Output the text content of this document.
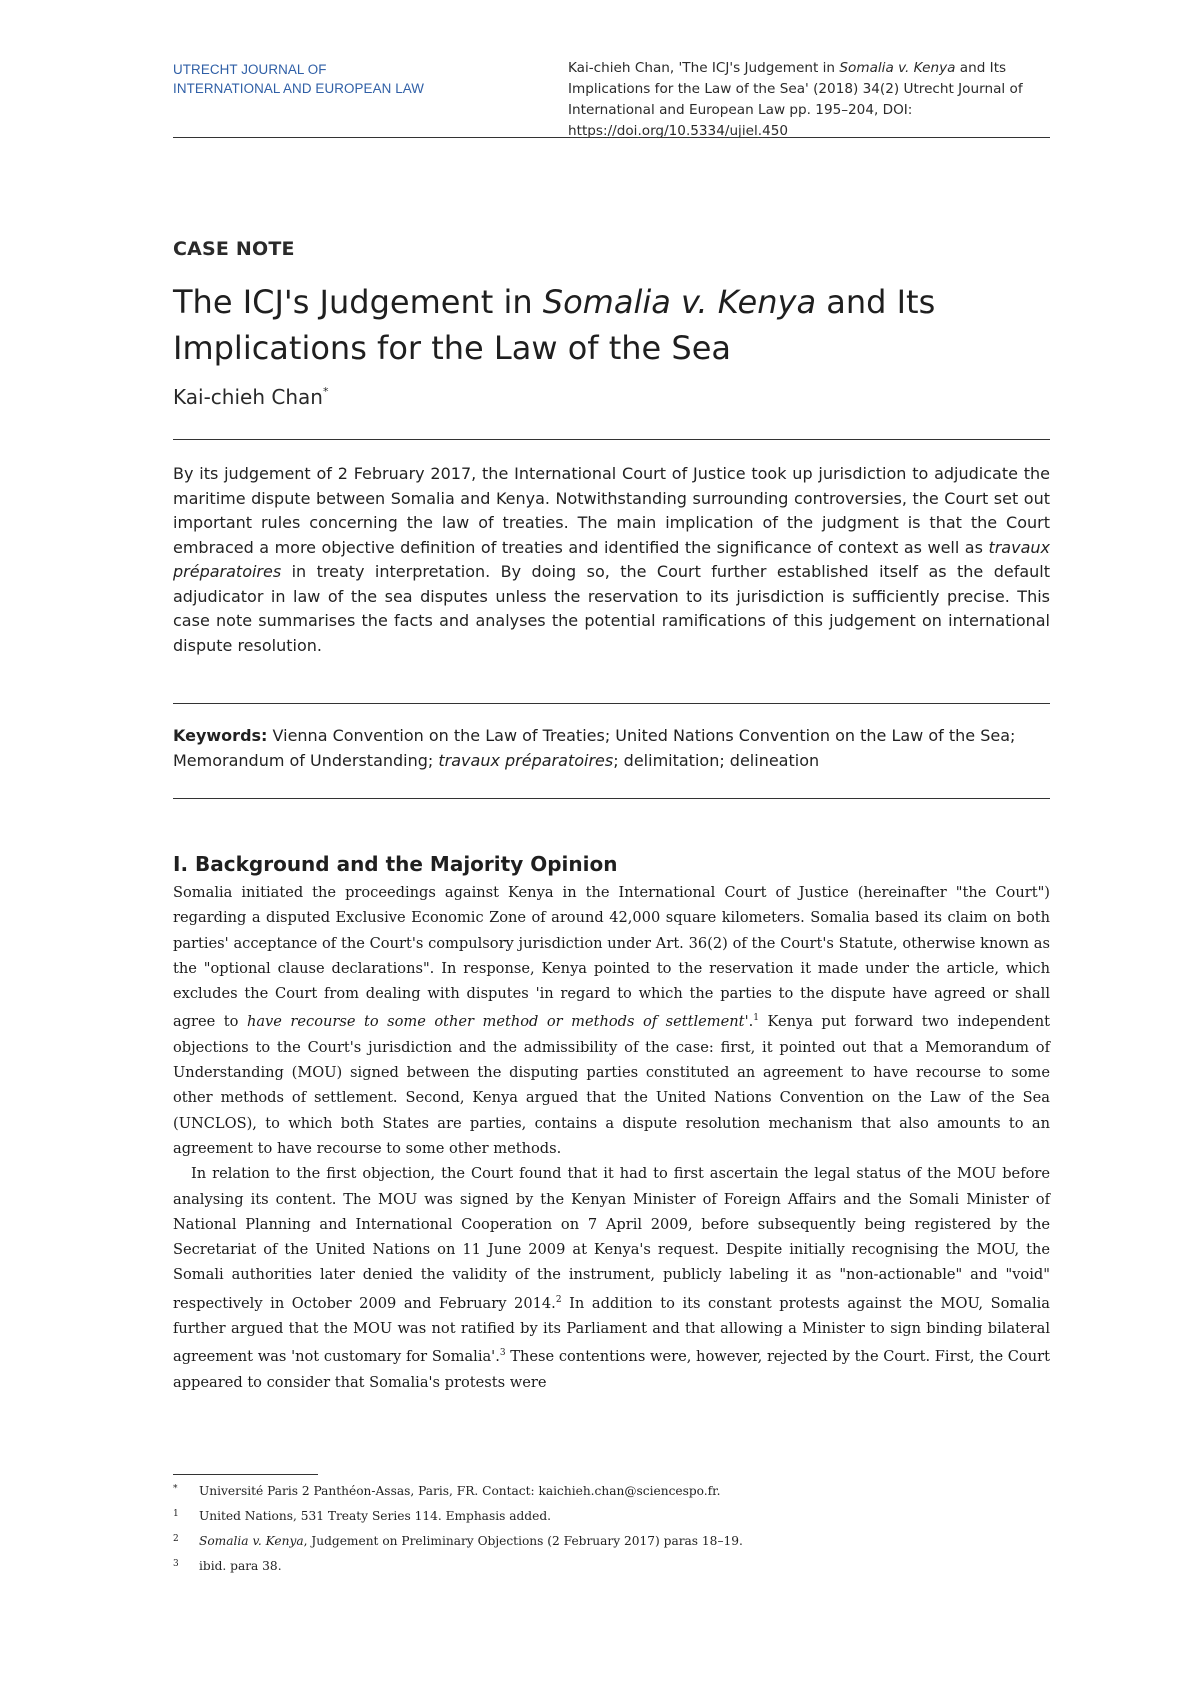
UTRECHT JOURNAL OF
INTERNATIONAL AND EUROPEAN LAW
Kai-chieh Chan, 'The ICJ's Judgement in Somalia v. Kenya and Its Implications for the Law of the Sea' (2018) 34(2) Utrecht Journal of International and European Law pp. 195–204, DOI: https://doi.org/10.5334/ujiel.450
CASE NOTE
The ICJ's Judgement in Somalia v. Kenya and Its Implications for the Law of the Sea
Kai-chieh Chan*
By its judgement of 2 February 2017, the International Court of Justice took up jurisdiction to adjudicate the maritime dispute between Somalia and Kenya. Notwithstanding surrounding controversies, the Court set out important rules concerning the law of treaties. The main implication of the judgment is that the Court embraced a more objective definition of treaties and identified the significance of context as well as travaux préparatoires in treaty interpretation. By doing so, the Court further established itself as the default adjudicator in law of the sea disputes unless the reservation to its jurisdiction is sufficiently precise. This case note summarises the facts and analyses the potential ramifications of this judgement on international dispute resolution.
Keywords: Vienna Convention on the Law of Treaties; United Nations Convention on the Law of the Sea; Memorandum of Understanding; travaux préparatoires; delimitation; delineation
I. Background and the Majority Opinion

Somalia initiated the proceedings against Kenya in the International Court of Justice (hereinafter "the Court") regarding a disputed Exclusive Economic Zone of around 42,000 square kilometers. Somalia based its claim on both parties' acceptance of the Court's compulsory jurisdiction under Art. 36(2) of the Court's Statute, otherwise known as the "optional clause declarations". In response, Kenya pointed to the reservation it made under the article, which excludes the Court from dealing with disputes 'in regard to which the parties to the dispute have agreed or shall agree to have recourse to some other method or methods of settlement'.$^1$ Kenya put forward two independent objections to the Court's jurisdiction and the admissibility of the case: first, it pointed out that a Memorandum of Understanding (MOU) signed between the disputing parties constituted an agreement to have recourse to some other methods of settlement. Second, Kenya argued that the United Nations Convention on the Law of the Sea (UNCLOS), to which both States are parties, contains a dispute resolution mechanism that also amounts to an agreement to have recourse to some other methods.

In relation to the first objection, the Court found that it had to first ascertain the legal status of the MOU before analysing its content. The MOU was signed by the Kenyan Minister of Foreign Affairs and the Somali Minister of National Planning and International Cooperation on 7 April 2009, before subsequently being registered by the Secretariat of the United Nations on 11 June 2009 at Kenya's request. Despite initially recognising the MOU, the Somali authorities later denied the validity of the instrument, publicly labeling it as "non-actionable" and "void" respectively in October 2009 and February 2014.$^2$ In addition to its constant protests against the MOU, Somalia further argued that the MOU was not ratified by its Parliament and that allowing a Minister to sign binding bilateral agreement was 'not customary for Somalia'.$^3$ These contentions were, however, rejected by the Court. First, the Court appeared to consider that Somalia's protests were

*	Université Paris 2 Panthéon-Assas, Paris, FR. Contact: kaichieh.chan@sciencespo.fr.
1	United Nations, 531 Treaty Series 114. Emphasis added.
2	Somalia v. Kenya, Judgement on Preliminary Objections (2 February 2017) paras 18–19.
3	ibid. para 38.
